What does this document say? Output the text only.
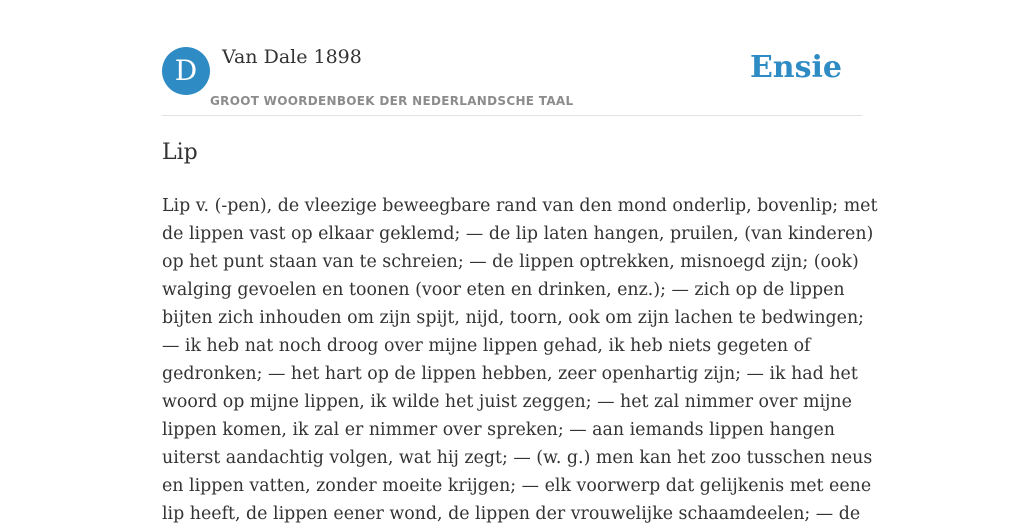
D	Van Dale 1898
GROOT WOORDENBOEK DER NEDERLANDSCHE TAAL
Ensie
Lip
Lip v. (-pen), de vleezige beweegbare rand van den mond onderlip, bovenlip; met
de lippen vast op elkaar geklemd; — de lip laten hangen, pruilen, (van kinderen)
op het punt staan van te schreien; — de lippen optrekken, misnoegd zijn; (ook)
walging gevoelen en toonen (voor eten en drinken, enz.); — zich op de lippen
bijten zich inhouden om zijn spijt, nijd, toorn, ook om zijn lachen te bedwingen;
— ik heb nat noch droog over mijne lippen gehad, ik heb niets gegeten of
gedronken; — het hart op de lippen hebben, zeer openhartig zijn; — ik had het
woord op mijne lippen, ik wilde het juist zeggen; — het zal nimmer over mijne
lippen komen, ik zal er nimmer over spreken; — aan iemands lippen hangen
uiterst aandachtig volgen, wat hij zegt; — (w. g.) men kan het zoo tusschen neus
en lippen vatten, zonder moeite krijgen; — elk voorwerp dat gelijkenis met eene
lip heeft, de lippen eener wond, de lippen der vrouwelijke schaamdeelen; — de
